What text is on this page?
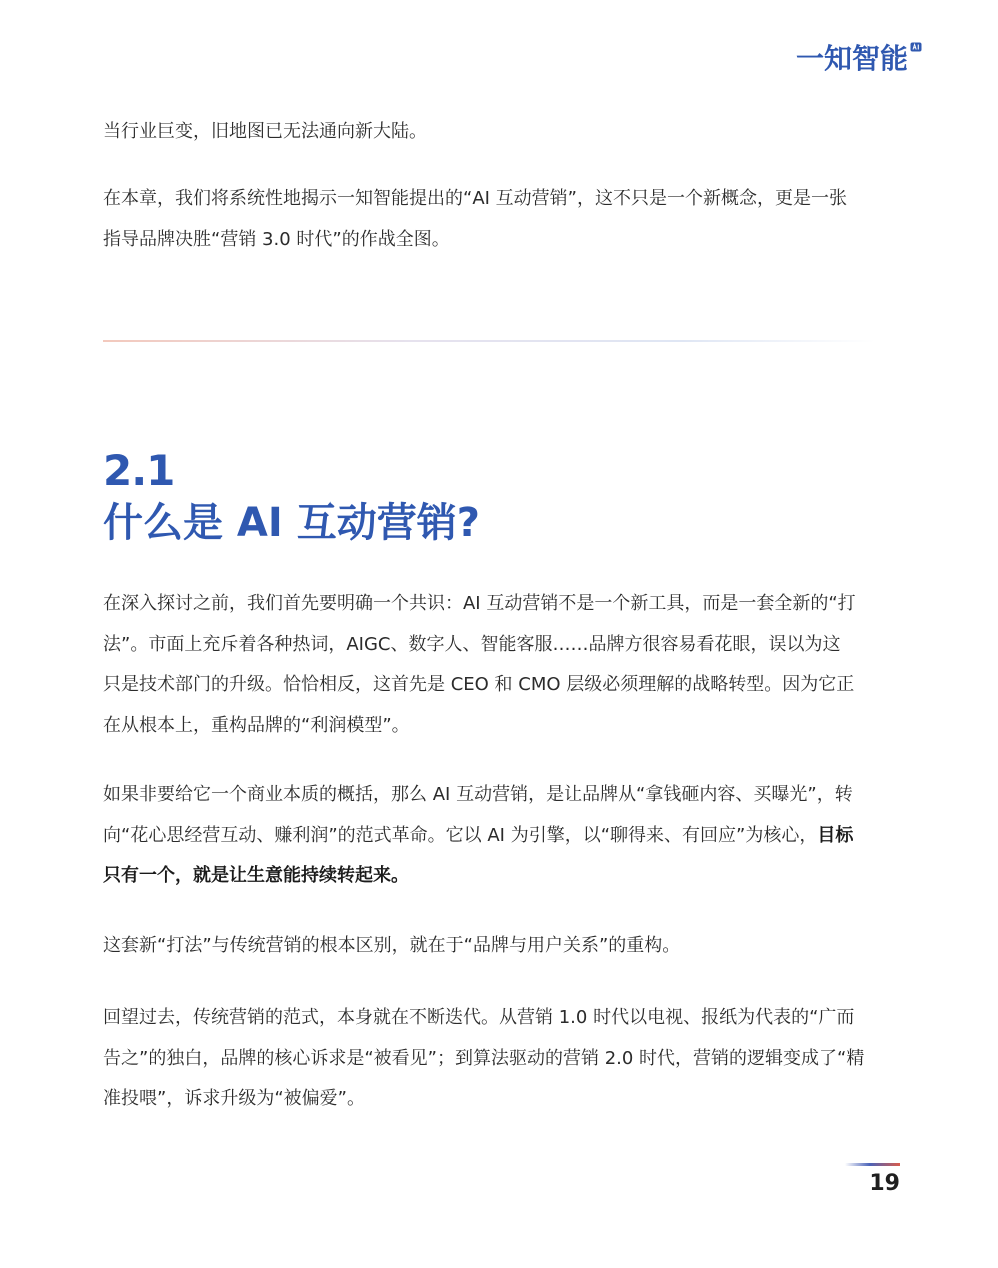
一知智能
当行业巨变，旧地图已无法通向新大陆。
在本章，我们将系统性地揭示一知智能提出的“AI 互动营销”，这不只是一个新概念，更是一张
指导品牌决胜“营销 3.0 时代”的作战全图。
2.1
什么是 AI 互动营销?
在深入探讨之前，我们首先要明确一个共识：AI 互动营销不是一个新工具，而是一套全新的“打
法”。市面上充斥着各种热词，AIGC、数字人、智能客服……品牌方很容易看花眼，误以为这
只是技术部门的升级。恰恰相反，这首先是 CEO 和 CMO 层级必须理解的战略转型。因为它正
在从根本上，重构品牌的“利润模型”。
如果非要给它一个商业本质的概括，那么 AI 互动营销，是让品牌从“拿钱砸内容、买曝光”，转
向“花心思经营互动、赚利润”的范式革命。它以 AI 为引擎，以“聊得来、有回应”为核心，目标
只有一个，就是让生意能持续转起来。
这套新“打法”与传统营销的根本区别，就在于“品牌与用户关系”的重构。
回望过去，传统营销的范式，本身就在不断迭代。从营销 1.0 时代以电视、报纸为代表的“广而
告之”的独白，品牌的核心诉求是“被看见”；到算法驱动的营销 2.0 时代，营销的逻辑变成了“精
准投喂”，诉求升级为“被偏爱”。
19
